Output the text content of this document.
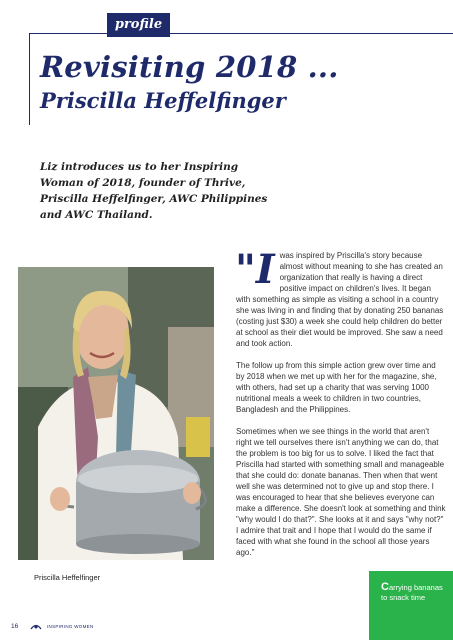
profile
Revisiting 2018 ...
Priscilla Heffelfinger

Liz introduces us to her Inspiring Woman of 2018, founder of Thrive, Priscilla Heffelfinger, AWC Philippines and AWC Thailand.

Priscilla Heffelfinger

"I was inspired by Priscilla's story because almost without meaning to she has created an organization that really is having a direct positive impact on children's lives. It began with something as simple as visiting a school in a country she was living in and finding that by donating 250 bananas (costing just $30) a week she could help children do better at school as their diet would be improved. She saw a need and took action.

The follow up from this simple action grew over time and by 2018 when we met up with her for the magazine, she, with others, had set up a charity that was serving 1000 nutritional meals a week to children in two countries, Bangladesh and the Philippines.

Sometimes when we see things in the world that aren't right we tell ourselves there isn't anything we can do, that the problem is too big for us to solve. I liked the fact that Priscilla had started with something small and manageable that she could do: donate bananas. Then when that went well she was determined not to give up and stop there. I was encouraged to hear that she believes everyone can make a difference. She doesn't look at something and think "why would I do that?". She looks at it and says "why not?" I admire that trait and I hope that I would do the same if faced with what she found in the school all those years ago."

Carrying bananas to snack time
16	INSPIRING WOMEN
